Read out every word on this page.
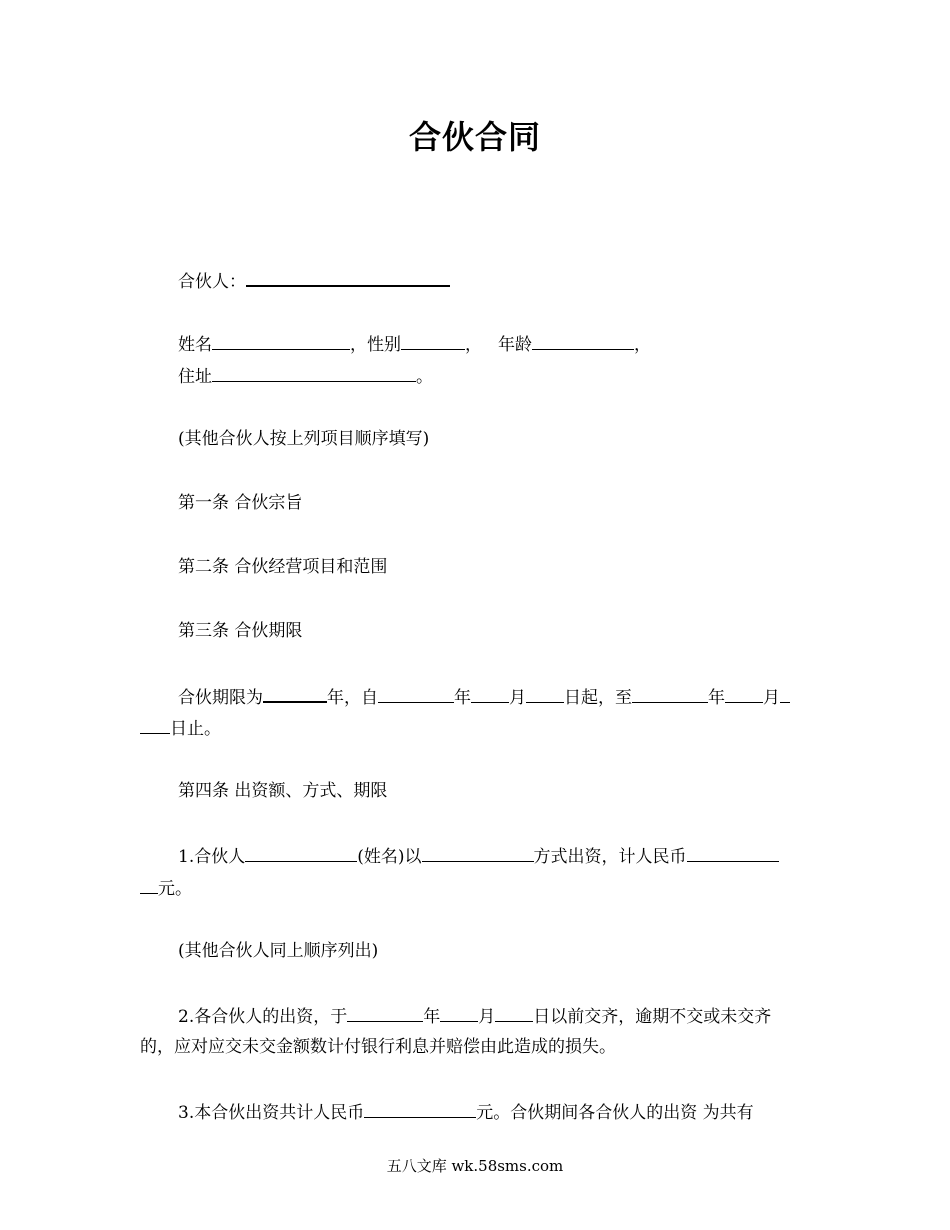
合伙合同
合伙人：
姓名	，性别	， 年龄	，
住址	。
(其他合伙人按上列项目顺序填写)
第一条 合伙宗旨
第二条 合伙经营项目和范围
第三条 合伙期限
合伙期限为	年，自	年 月 日起，至	年 月
日止。
第四条 出资额、方式、期限
1.合伙人	(姓名)以	方式出资，计人民币
元。
(其他合伙人同上顺序列出)
2.各合伙人的出资，于	年 月 日以前交齐，逾期不交或未交齐
的，应对应交未交金额数计付银行利息并赔偿由此造成的损失。
3.本合伙出资共计人民币	元。合伙期间各合伙人的出资 为共有
五八文库 wk.58sms.com
